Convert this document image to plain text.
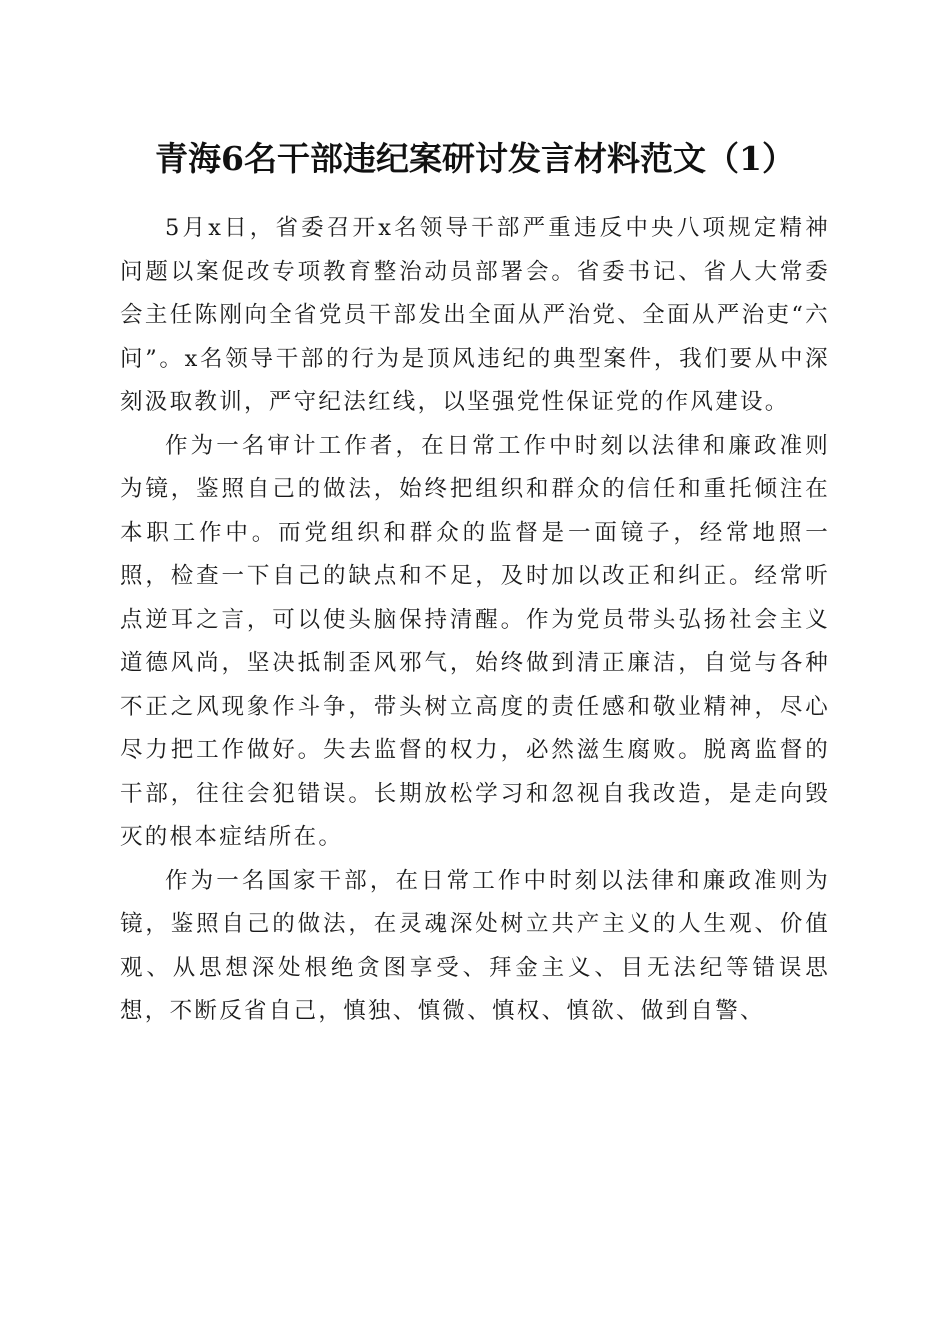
青海6名干部违纪案研讨发言材料范文（1）

5月x日，省委召开x名领导干部严重违反中央八项规定精神问题以案促改专项教育整治动员部署会。省委书记、省人大常委会主任陈刚向全省党员干部发出全面从严治党、全面从严治吏“六问”。x名领导干部的行为是顶风违纪的典型案件，我们要从中深刻汲取教训，严守纪法红线，以坚强党性保证党的作风建设。

作为一名审计工作者，在日常工作中时刻以法律和廉政准则为镜，鉴照自己的做法，始终把组织和群众的信任和重托倾注在本职工作中。而党组织和群众的监督是一面镜子，经常地照一照，检查一下自己的缺点和不足，及时加以改正和纠正。经常听点逆耳之言，可以使头脑保持清醒。作为党员带头弘扬社会主义道德风尚，坚决抵制歪风邪气，始终做到清正廉洁，自觉与各种不正之风现象作斗争，带头树立高度的责任感和敬业精神，尽心尽力把工作做好。失去监督的权力，必然滋生腐败。脱离监督的干部，往往会犯错误。长期放松学习和忽视自我改造，是走向毁灭的根本症结所在。

作为一名国家干部，在日常工作中时刻以法律和廉政准则为镜，鉴照自己的做法，在灵魂深处树立共产主义的人生观、价值观、从思想深处根绝贪图享受、拜金主义、目无法纪等错误思想，不断反省自己，慎独、慎微、慎权、慎欲、做到自警、
